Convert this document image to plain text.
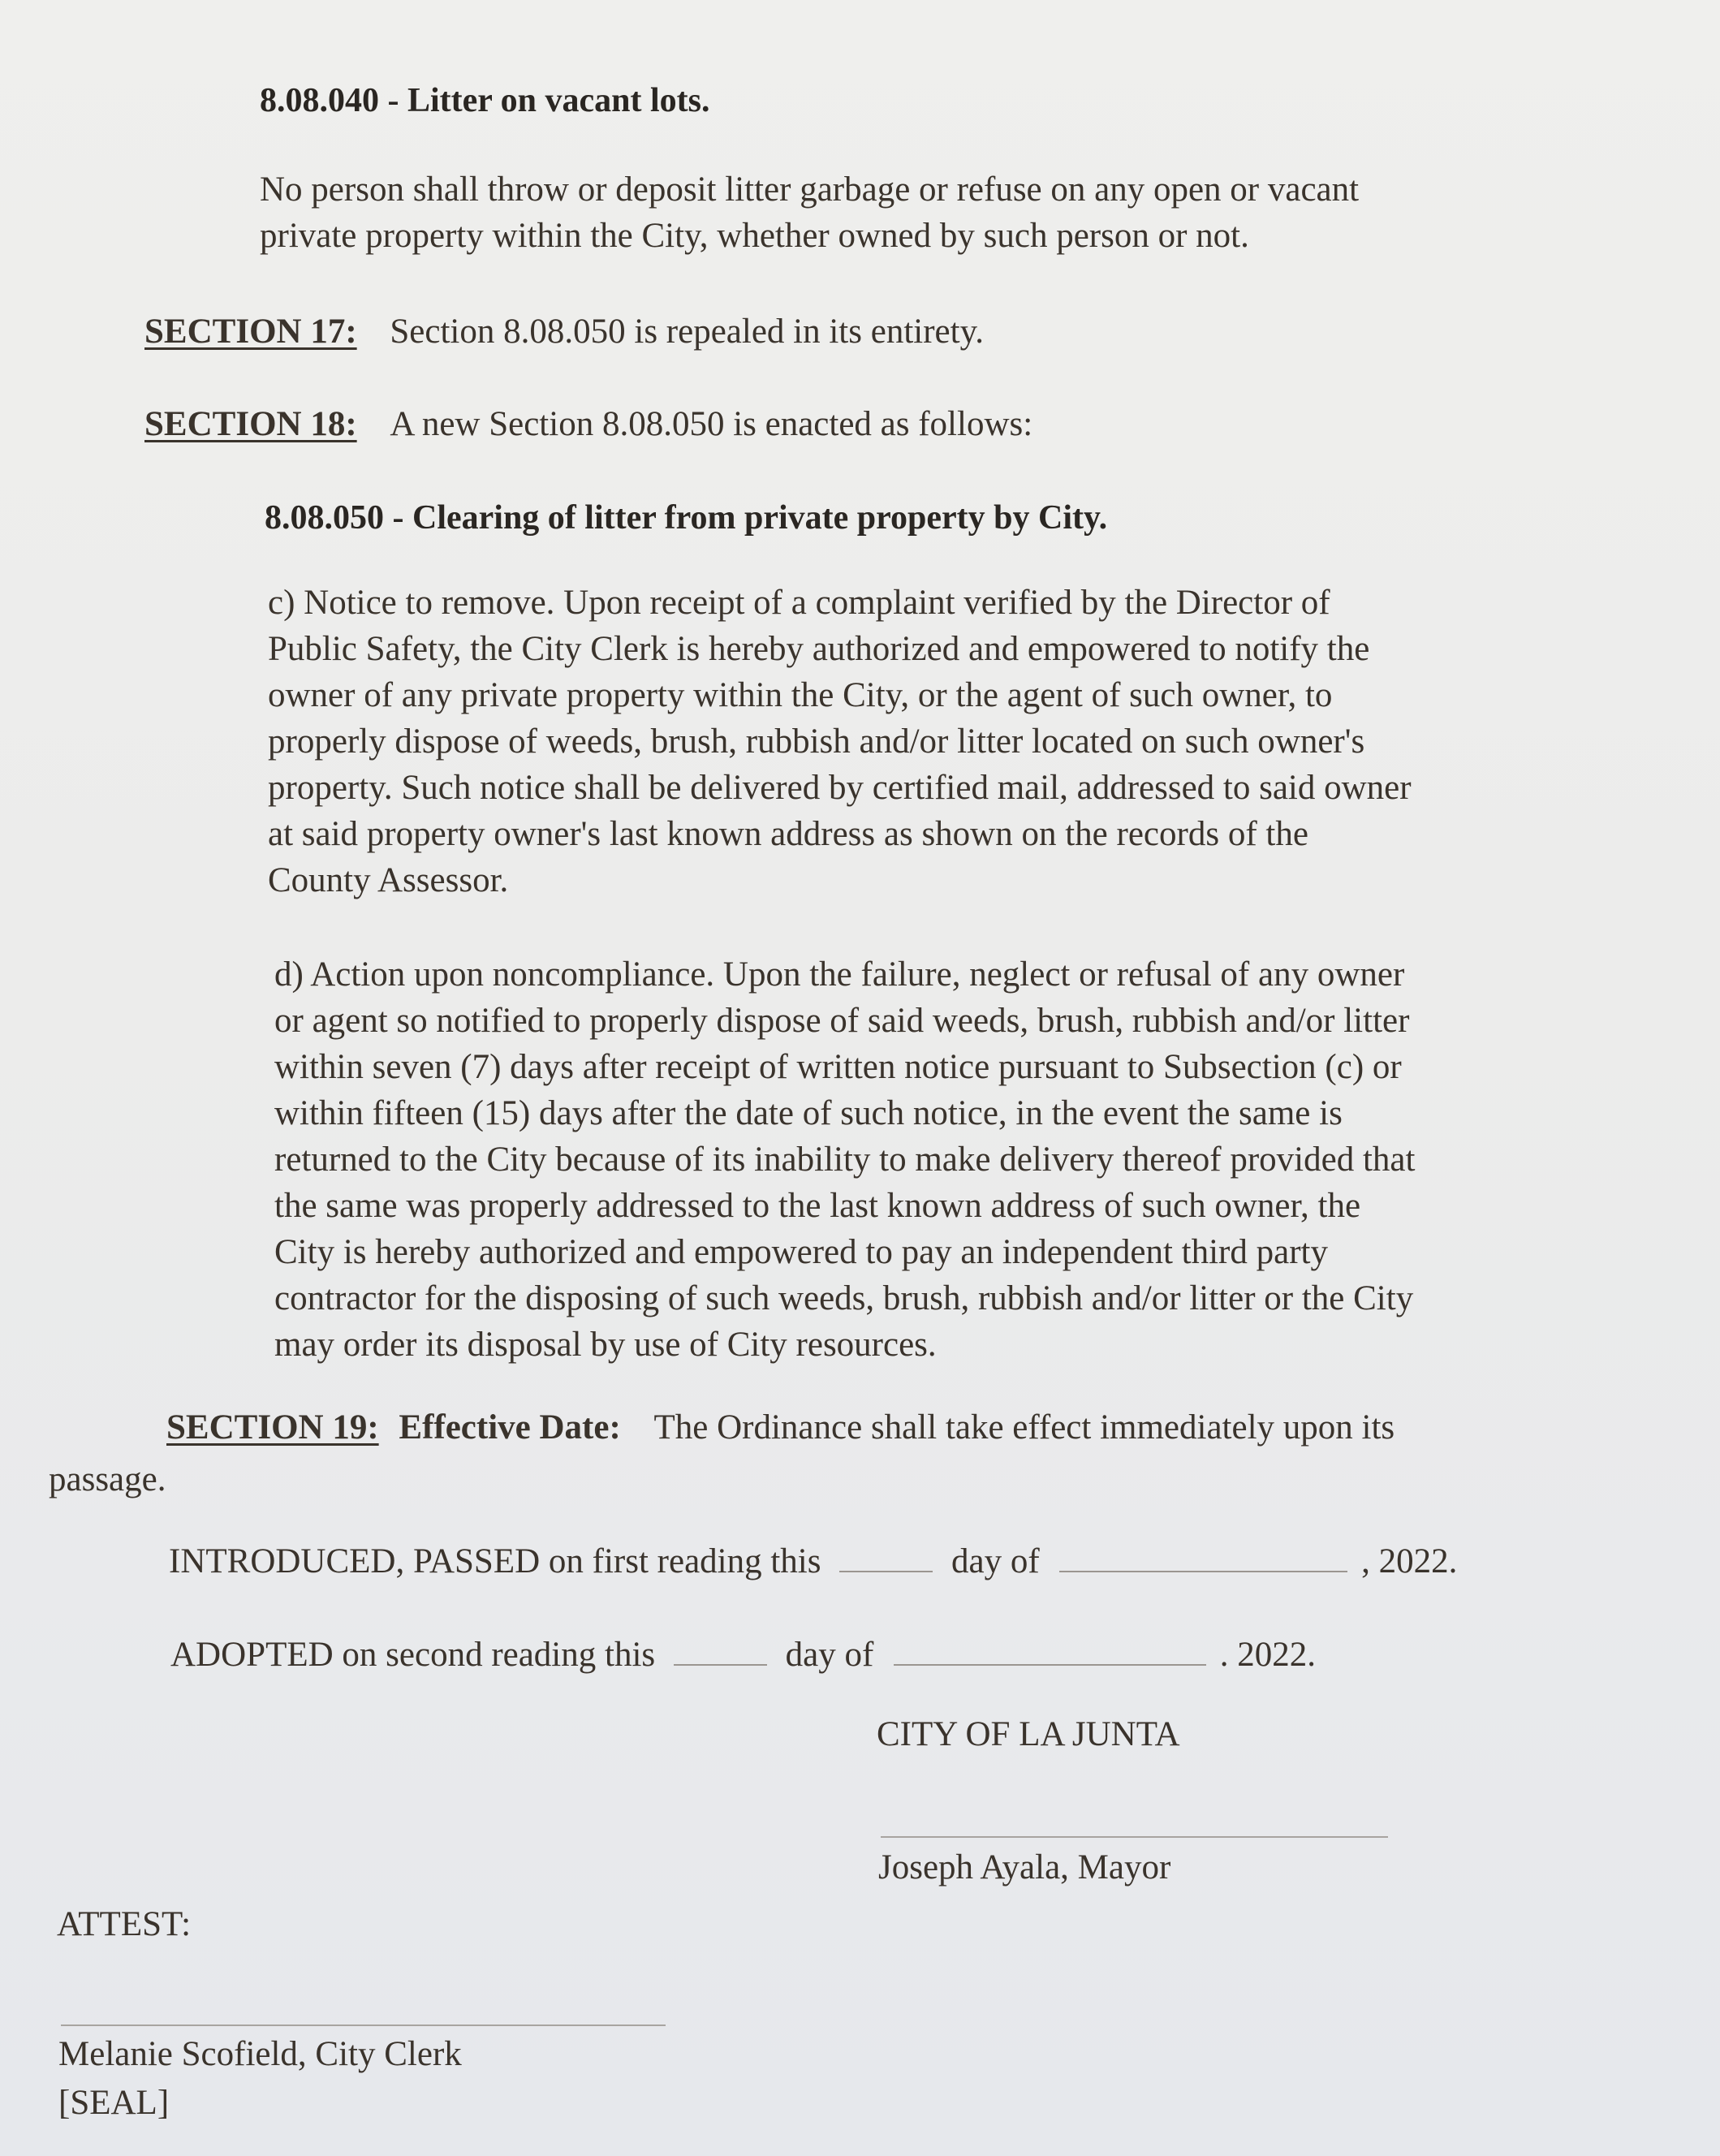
8.08.040 - Litter on vacant lots.
No person shall throw or deposit litter garbage or refuse on any open or vacant
private property within the City, whether owned by such person or not.
SECTION 17: Section 8.08.050 is repealed in its entirety.
SECTION 18: A new Section 8.08.050 is enacted as follows:
8.08.050 - Clearing of litter from private property by City.
c) Notice to remove. Upon receipt of a complaint verified by the Director of
Public Safety, the City Clerk is hereby authorized and empowered to notify the
owner of any private property within the City, or the agent of such owner, to
properly dispose of weeds, brush, rubbish and/or litter located on such owner's
property. Such notice shall be delivered by certified mail, addressed to said owner
at said property owner's last known address as shown on the records of the
County Assessor.
d) Action upon noncompliance. Upon the failure, neglect or refusal of any owner
or agent so notified to properly dispose of said weeds, brush, rubbish and/or litter
within seven (7) days after receipt of written notice pursuant to Subsection (c) or
within fifteen (15) days after the date of such notice, in the event the same is
returned to the City because of its inability to make delivery thereof provided that
the same was properly addressed to the last known address of such owner, the
City is hereby authorized and empowered to pay an independent third party
contractor for the disposing of such weeds, brush, rubbish and/or litter or the City
may order its disposal by use of City resources.
SECTION 19: Effective Date: The Ordinance shall take effect immediately upon its
passage.
INTRODUCED, PASSED on first reading this	day of	, 2022.
ADOPTED on second reading this	day of	. 2022.
CITY OF LA JUNTA
Joseph Ayala, Mayor
ATTEST:
Melanie Scofield, City Clerk
[SEAL]
